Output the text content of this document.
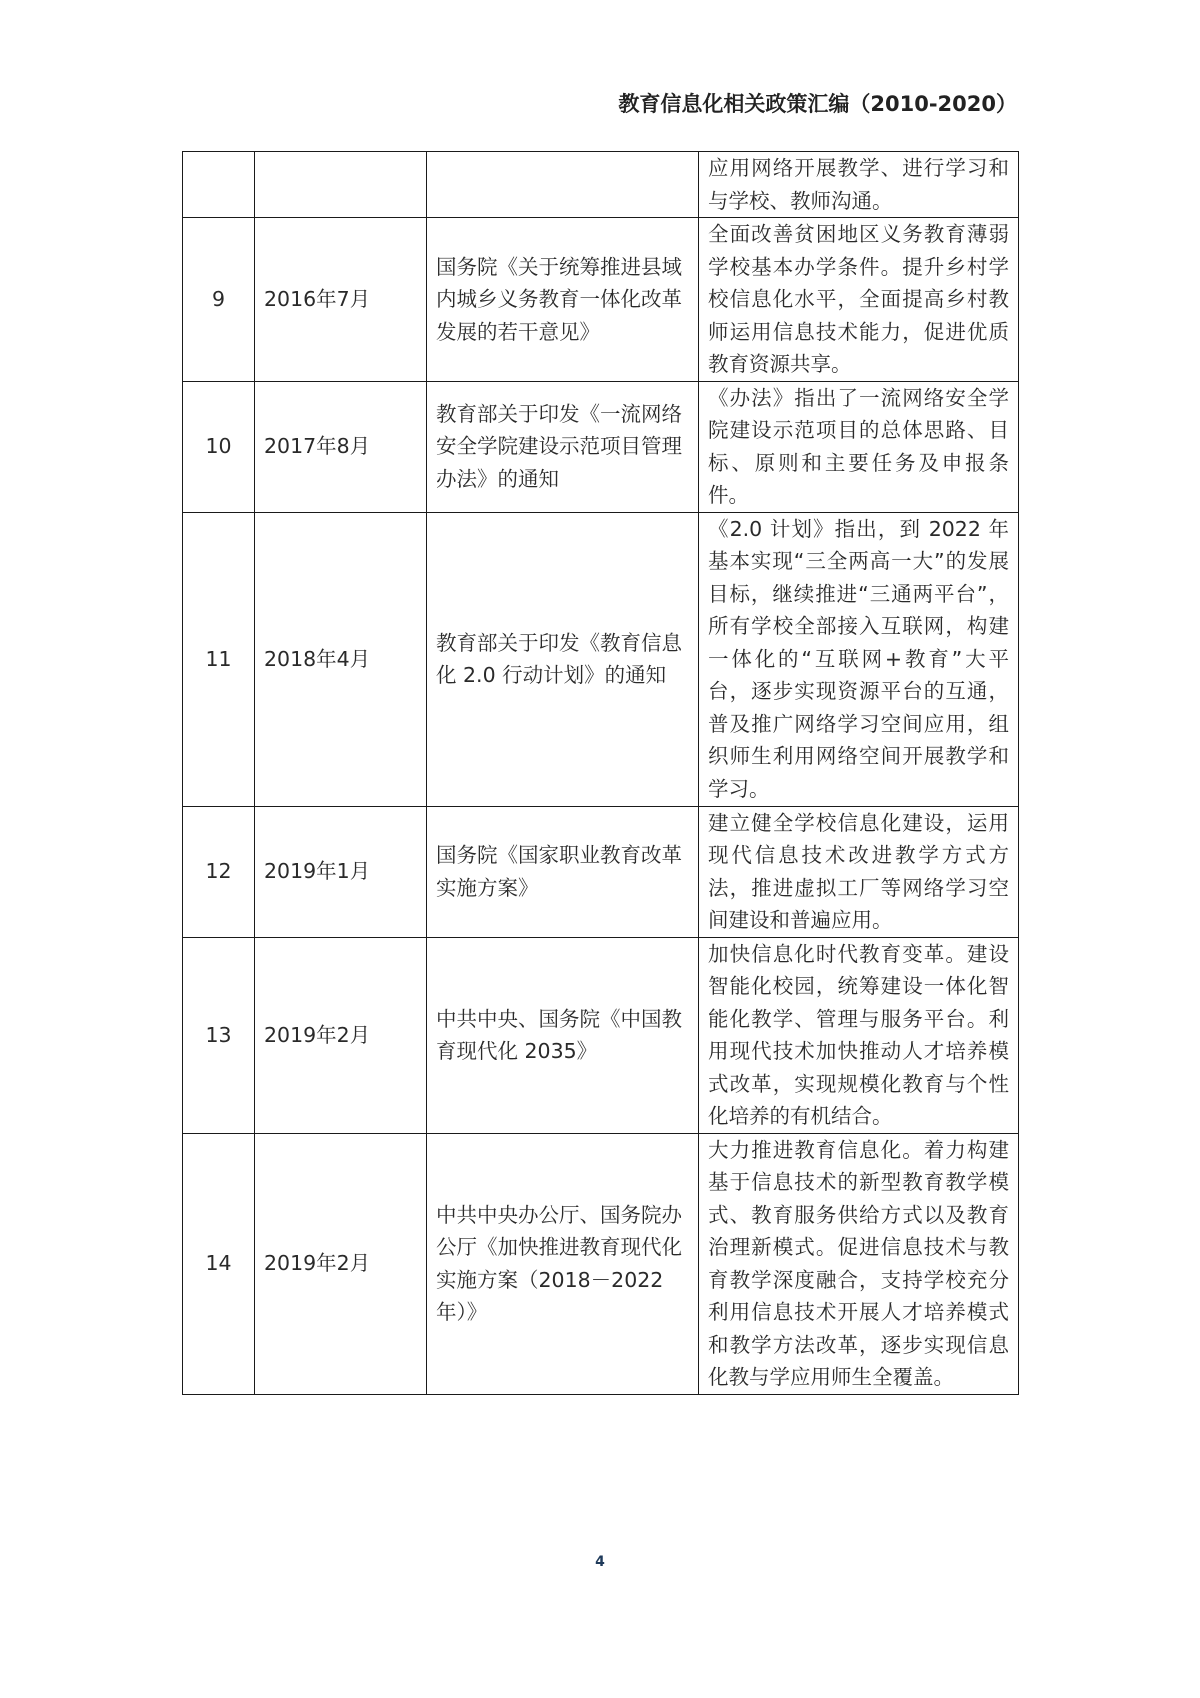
教育信息化相关政策汇编（2010-2020）
			应用网络开展教学、进行学习和与学校、教师沟通。
9	2016年7月	国务院《关于统筹推进县域内城乡义务教育一体化改革发展的若干意见》	全面改善贫困地区义务教育薄弱学校基本办学条件。提升乡村学校信息化水平，全面提高乡村教师运用信息技术能力，促进优质教育资源共享。
10	2017年8月	教育部关于印发《一流网络安全学院建设示范项目管理办法》的通知	《办法》指出了一流网络安全学院建设示范项目的总体思路、目标、原则和主要任务及申报条件。
11	2018年4月	教育部关于印发《教育信息化 2.0 行动计划》的通知	《2.0 计划》指出，到 2022 年基本实现“三全两高一大”的发展目标，继续推进“三通两平台”，所有学校全部接入互联网，构建一体化的“互联网+教育”大平台，逐步实现资源平台的互通，普及推广网络学习空间应用，组织师生利用网络空间开展教学和学习。
12	2019年1月	国务院《国家职业教育改革实施方案》	建立健全学校信息化建设，运用现代信息技术改进教学方式方法，推进虚拟工厂等网络学习空间建设和普遍应用。
13	2019年2月	中共中央、国务院《中国教育现代化 2035》	加快信息化时代教育变革。建设智能化校园，统筹建设一体化智能化教学、管理与服务平台。利用现代技术加快推动人才培养模式改革，实现规模化教育与个性化培养的有机结合。
14	2019年2月	中共中央办公厅、国务院办公厅《加快推进教育现代化实施方案（2018－2022年）》	大力推进教育信息化。着力构建基于信息技术的新型教育教学模式、教育服务供给方式以及教育治理新模式。促进信息技术与教育教学深度融合，支持学校充分利用信息技术开展人才培养模式和教学方法改革，逐步实现信息化教与学应用师生全覆盖。
4
